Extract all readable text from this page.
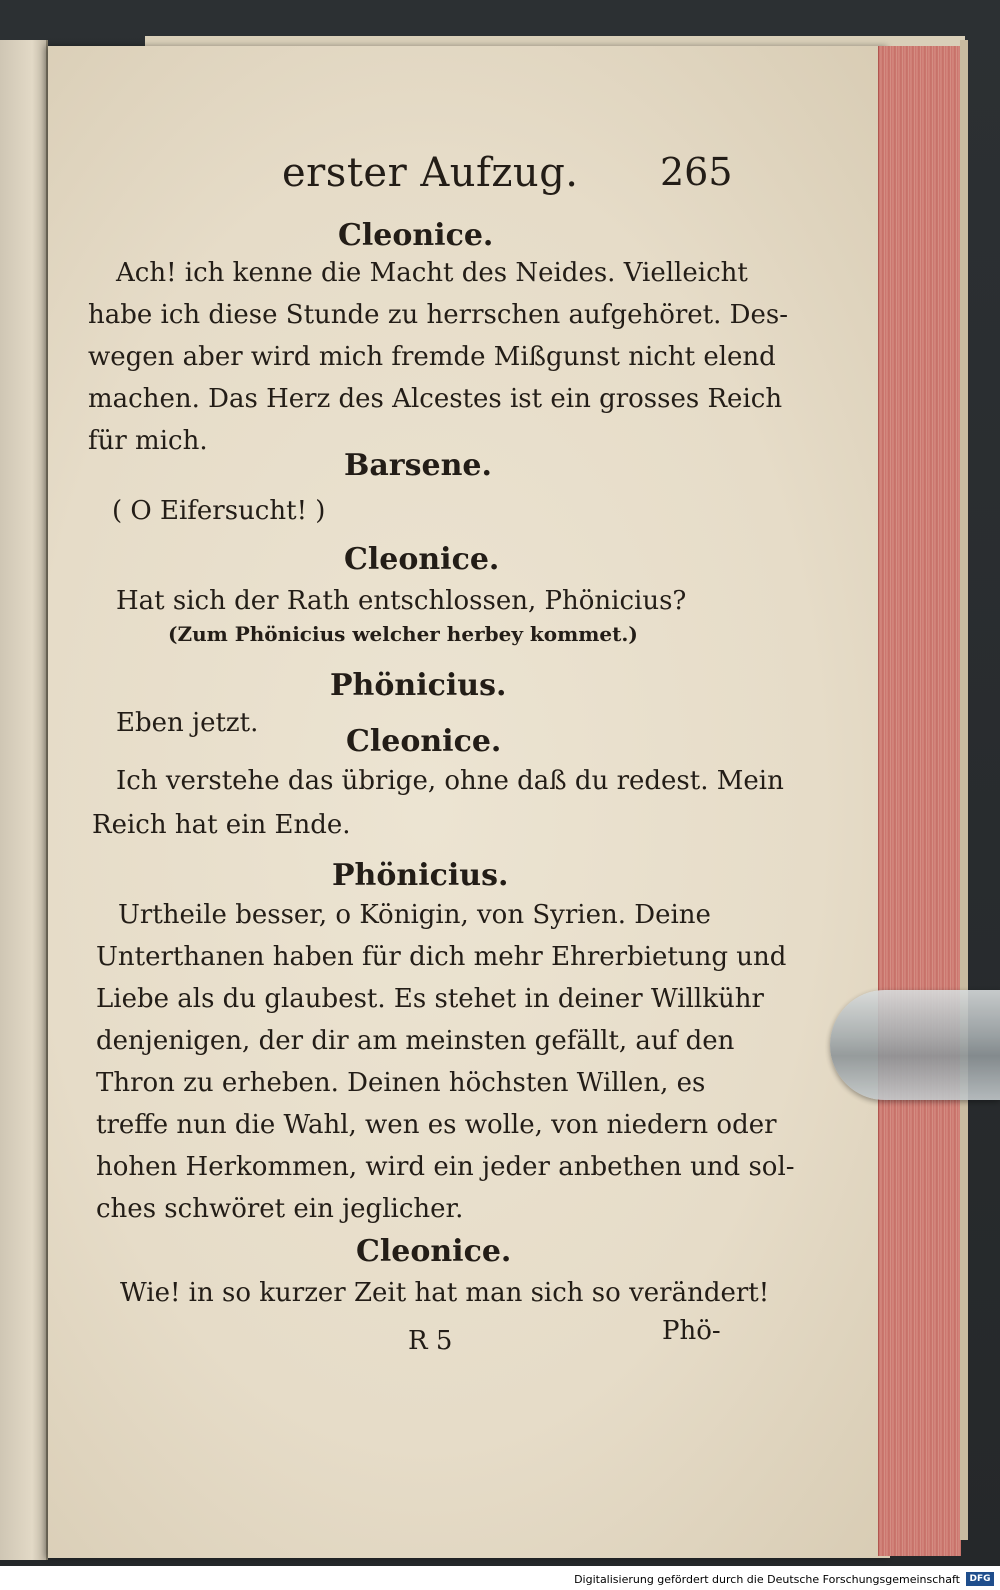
erster Aufzug. 265
Cleonice.
Ach! ich kenne die Macht des Neides. Vielleicht
habe ich diese Stunde zu herrschen aufgehöret. Des-
wegen aber wird mich fremde Mißgunst nicht elend
machen. Das Herz des Alcestes ist ein grosses Reich
für mich.
Barsene.
( O Eifersucht! )
Cleonice.
Hat sich der Rath entschlossen, Phönicius?
(Zum Phönicius welcher herbey kommet.)
Phönicius.
Eben jetzt.
Cleonice.
Ich verstehe das übrige, ohne daß du redest. Mein
Reich hat ein Ende.
Phönicius.
Urtheile besser, o Königin, von Syrien. Deine
Unterthanen haben für dich mehr Ehrerbietung und
Liebe als du glaubest. Es stehet in deiner Willkühr
denjenigen, der dir am meinsten gefällt, auf den
Thron zu erheben. Deinen höchsten Willen, es
treffe nun die Wahl, wen es wolle, von niedern oder
hohen Herkommen, wird ein jeder anbethen und sol-
ches schwöret ein jeglicher.
Cleonice.
Wie! in so kurzer Zeit hat man sich so verändert!
R 5	Phö-
Digitalisierung gefördert durch die Deutsche Forschungsgemeinschaft	DFG
